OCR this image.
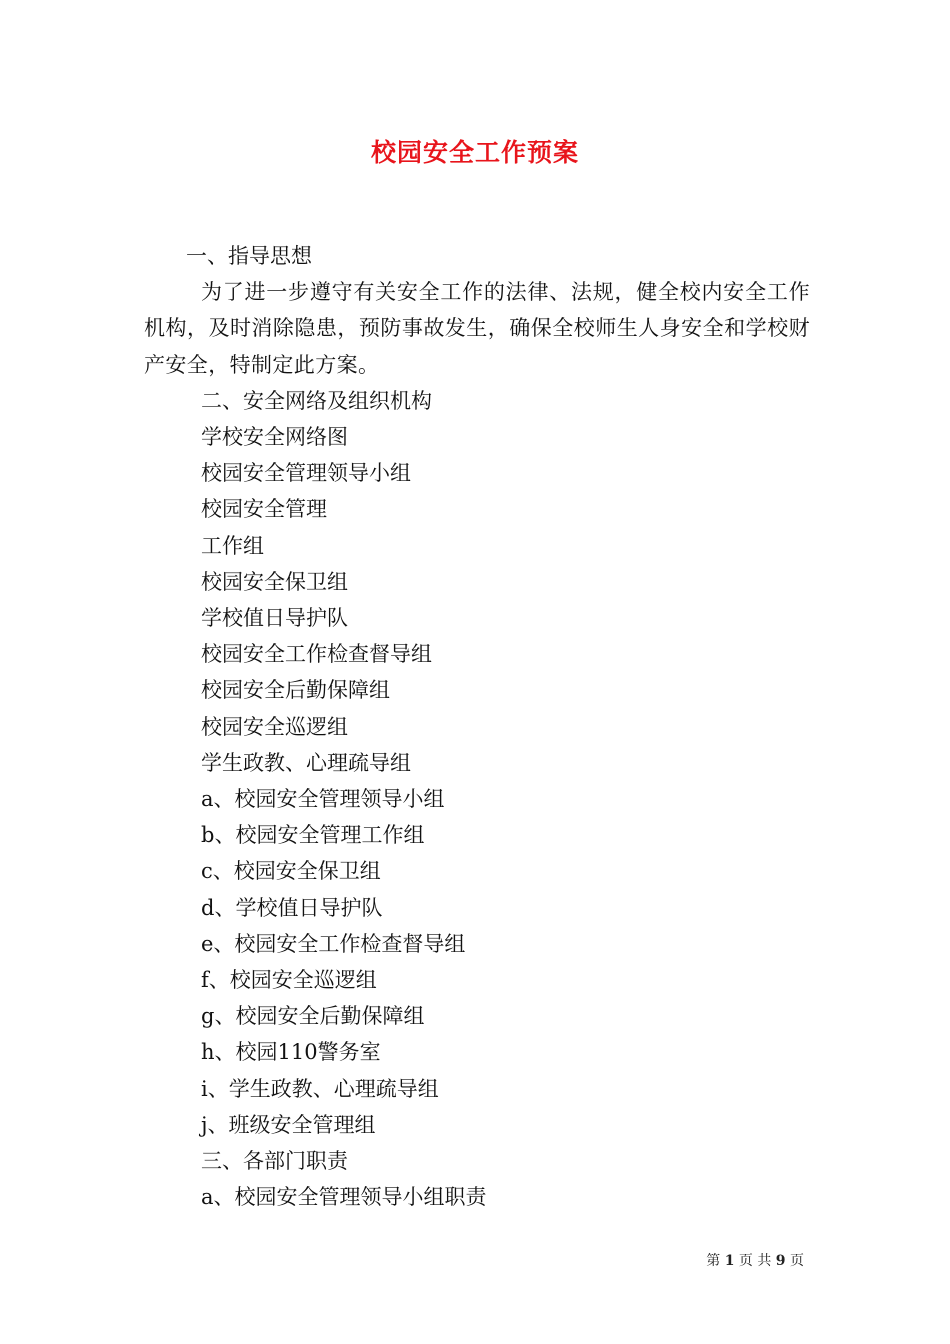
校园安全工作预案
一、指导思想
为了进一步遵守有关安全工作的法律、法规，健全校内安全工作机构，及时消除隐患，预防事故发生，确保全校师生人身安全和学校财产安全，特制定此方案。
二、安全网络及组织机构
学校安全网络图
校园安全管理领导小组
校园安全管理
工作组
校园安全保卫组
学校值日导护队
校园安全工作检查督导组
校园安全后勤保障组
校园安全巡逻组
学生政教、心理疏导组
a、校园安全管理领导小组
b、校园安全管理工作组
c、校园安全保卫组
d、学校值日导护队
e、校园安全工作检查督导组
f、校园安全巡逻组
g、校园安全后勤保障组
h、校园110警务室
i、学生政教、心理疏导组
j、班级安全管理组
三、各部门职责
a、校园安全管理领导小组职责
第 1 页 共 9 页
